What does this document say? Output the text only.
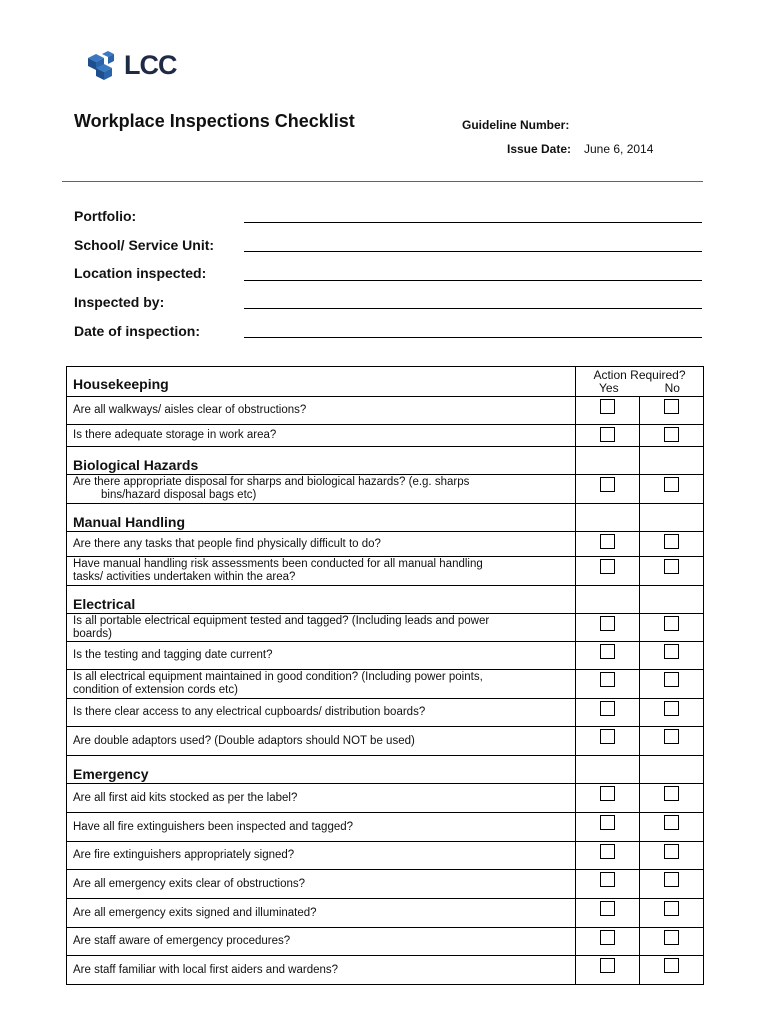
LCC
Workplace Inspections Checklist	Guideline Number:
Issue Date: June 6, 2014
Portfolio:
School/ Service Unit:
Location inspected:
Inspected by:
Date of inspection:
Housekeeping	Action Required?
Yes No	

Are all walkways/ aisles clear of obstructions?		

Is there adequate storage in work area?		

Biological Hazards		

Are there appropriate disposal for sharps and biological hazards? (e.g. sharps
bins/hazard disposal bags etc)		

Manual Handling		

Are there any tasks that people find physically difficult to do?		

Have manual handling risk assessments been conducted for all manual handling
tasks/ activities undertaken within the area?		

Electrical		

Is all portable electrical equipment tested and tagged? (Including leads and power
boards)		

Is the testing and tagging date current?		

Is all electrical equipment maintained in good condition? (Including power points,
condition of extension cords etc)		

Is there clear access to any electrical cupboards/ distribution boards?		

Are double adaptors used? (Double adaptors should NOT be used)		

Emergency		

Are all first aid kits stocked as per the label?		

Have all fire extinguishers been inspected and tagged?		

Are fire extinguishers appropriately signed?		

Are all emergency exits clear of obstructions?		

Are all emergency exits signed and illuminated?		

Are staff aware of emergency procedures?		

Are staff familiar with local first aiders and wardens?		
